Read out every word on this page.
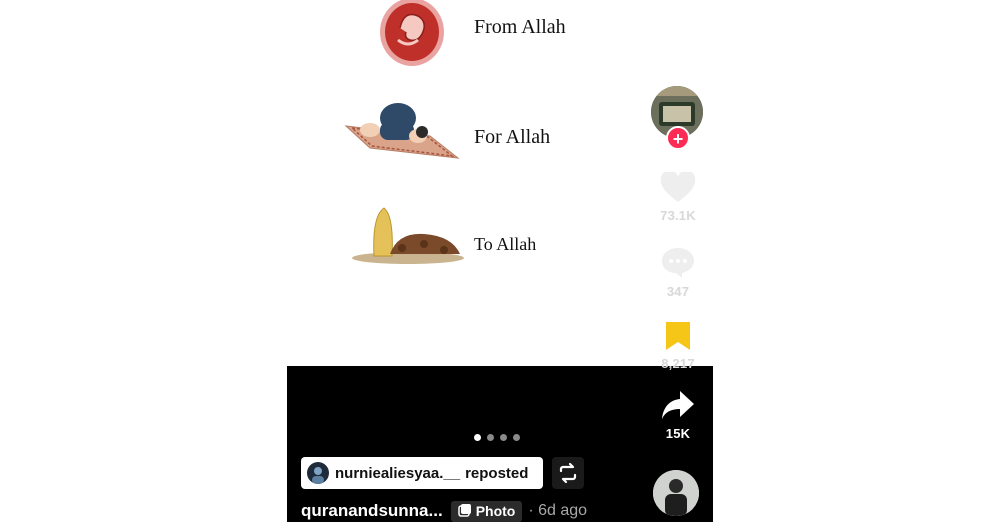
From Allah
For Allah
To Allah
nurniealiesyaa.__ reposted
quranandsunna... Photo · 6d ago
+
73.1K
347
8,217
15K
